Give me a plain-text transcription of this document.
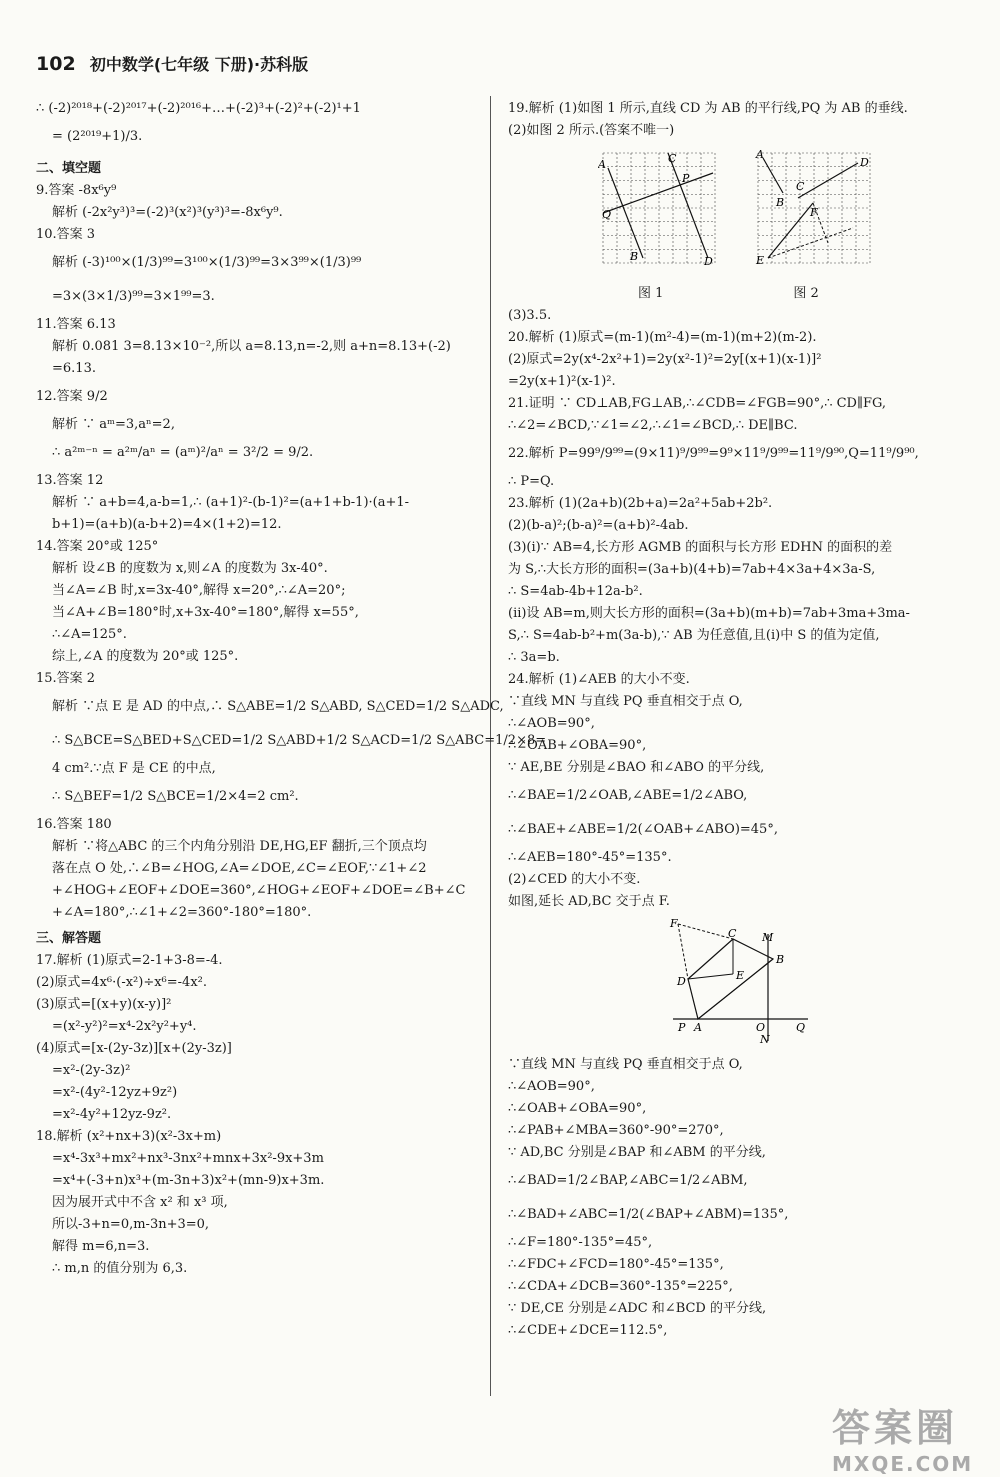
102 初中数学(七年级 下册)·苏科版
∴ (-2)²⁰¹⁸+(-2)²⁰¹⁷+(-2)²⁰¹⁶+…+(-2)³+(-2)²+(-2)¹+1
= (2²⁰¹⁹+1)/3.
二、填空题
9.答案 -8x⁶y⁹
解析 (-2x²y³)³=(-2)³(x²)³(y³)³=-8x⁶y⁹.
10.答案 3
解析 (-3)¹⁰⁰×(1/3)⁹⁹=3¹⁰⁰×(1/3)⁹⁹=3×3⁹⁹×(1/3)⁹⁹
=3×(3×1/3)⁹⁹=3×1⁹⁹=3.
11.答案 6.13
解析 0.081 3=8.13×10⁻²,所以 a=8.13,n=-2,则 a+n=8.13+(-2)
=6.13.
12.答案 9/2
解析 ∵ aᵐ=3,aⁿ=2,
∴ a²ᵐ⁻ⁿ = a²ᵐ/aⁿ = (aᵐ)²/aⁿ = 3²/2 = 9/2.
13.答案 12
解析 ∵ a+b=4,a-b=1,∴ (a+1)²-(b-1)²=(a+1+b-1)·(a+1-
b+1)=(a+b)(a-b+2)=4×(1+2)=12.
14.答案 20°或 125°
解析 设∠B 的度数为 x,则∠A 的度数为 3x-40°.
当∠A=∠B 时,x=3x-40°,解得 x=20°,∴∠A=20°;
当∠A+∠B=180°时,x+3x-40°=180°,解得 x=55°,
∴∠A=125°.
综上,∠A 的度数为 20°或 125°.
15.答案 2
解析 ∵点 E 是 AD 的中点,∴ S△ABE=1/2 S△ABD, S△CED=1/2 S△ADC,
∴ S△BCE=S△BED+S△CED=1/2 S△ABD+1/2 S△ACD=1/2 S△ABC=1/2×8=
4 cm².∵点 F 是 CE 的中点,
∴ S△BEF=1/2 S△BCE=1/2×4=2 cm².
16.答案 180
解析 ∵将△ABC 的三个内角分别沿 DE,HG,EF 翻折,三个顶点均
落在点 O 处,∴∠B=∠HOG,∠A=∠DOE,∠C=∠EOF,∵∠1+∠2
+∠HOG+∠EOF+∠DOE=360°,∠HOG+∠EOF+∠DOE=∠B+∠C
+∠A=180°,∴∠1+∠2=360°-180°=180°.
三、解答题
17.解析 (1)原式=2-1+3-8=-4.
(2)原式=4x⁶·(-x²)÷x⁶=-4x².
(3)原式=[(x+y)(x-y)]²
=(x²-y²)²=x⁴-2x²y²+y⁴.
(4)原式=[x-(2y-3z)][x+(2y-3z)]
=x²-(2y-3z)²
=x²-(4y²-12yz+9z²)
=x²-4y²+12yz-9z².
18.解析 (x²+nx+3)(x²-3x+m)
=x⁴-3x³+mx²+nx³-3nx²+mnx+3x²-9x+3m
=x⁴+(-3+n)x³+(m-3n+3)x²+(mn-9)x+3m.
因为展开式中不含 x² 和 x³ 项,
所以-3+n=0,m-3n+3=0,
解得 m=6,n=3.
∴ m,n 的值分别为 6,3.
19.解析 (1)如图 1 所示,直线 CD 为 AB 的平行线,PQ 为 AB 的垂线.
(2)如图 2 所示.(答案不唯一)
A
B
C
D
P
Q
A
B
C
D
E
F
图 1	图 2
(3)3.5.
20.解析 (1)原式=(m-1)(m²-4)=(m-1)(m+2)(m-2).
(2)原式=2y(x⁴-2x²+1)=2y(x²-1)²=2y[(x+1)(x-1)]²
=2y(x+1)²(x-1)².
21.证明 ∵ CD⊥AB,FG⊥AB,∴∠CDB=∠FGB=90°,∴ CD∥FG,
∴∠2=∠BCD,∵∠1=∠2,∴∠1=∠BCD,∴ DE∥BC.
22.解析 P=99⁹/9⁹⁹=(9×11)⁹/9⁹⁹=9⁹×11⁹/9⁹⁹=11⁹/9⁹⁰,Q=11⁹/9⁹⁰,
∴ P=Q.
23.解析 (1)(2a+b)(2b+a)=2a²+5ab+2b².
(2)(b-a)²;(b-a)²=(a+b)²-4ab.
(3)(i)∵ AB=4,长方形 AGMB 的面积与长方形 EDHN 的面积的差
为 S,∴大长方形的面积=(3a+b)(4+b)=7ab+4×3a+4×3a-S,
∴ S=4ab-4b+12a-b².
(ii)设 AB=m,则大长方形的面积=(3a+b)(m+b)=7ab+3ma+3ma-
S,∴ S=4ab-b²+m(3a-b),∵ AB 为任意值,且(i)中 S 的值为定值,
∴ 3a=b.
24.解析 (1)∠AEB 的大小不变.
∵直线 MN 与直线 PQ 垂直相交于点 O,
∴∠AOB=90°,
∴∠OAB+∠OBA=90°,
∵ AE,BE 分别是∠BAO 和∠ABO 的平分线,
∴∠BAE=1/2∠OAB,∠ABE=1/2∠ABO,
∴∠BAE+∠ABE=1/2(∠OAB+∠ABO)=45°,
∴∠AEB=180°-45°=135°.
(2)∠CED 的大小不变.
如图,延长 AD,BC 交于点 F.
F
C M
B
D	E
P A	O	Q
N
∵直线 MN 与直线 PQ 垂直相交于点 O,
∴∠AOB=90°,
∴∠OAB+∠OBA=90°,
∴∠PAB+∠MBA=360°-90°=270°,
∵ AD,BC 分别是∠BAP 和∠ABM 的平分线,
∴∠BAD=1/2∠BAP,∠ABC=1/2∠ABM,
∴∠BAD+∠ABC=1/2(∠BAP+∠ABM)=135°,
∴∠F=180°-135°=45°,
∴∠FDC+∠FCD=180°-45°=135°,
∴∠CDA+∠DCB=360°-135°=225°,
∵ DE,CE 分别是∠ADC 和∠BCD 的平分线,
∴∠CDE+∠DCE=112.5°,
答案圈
MXQE.COM
